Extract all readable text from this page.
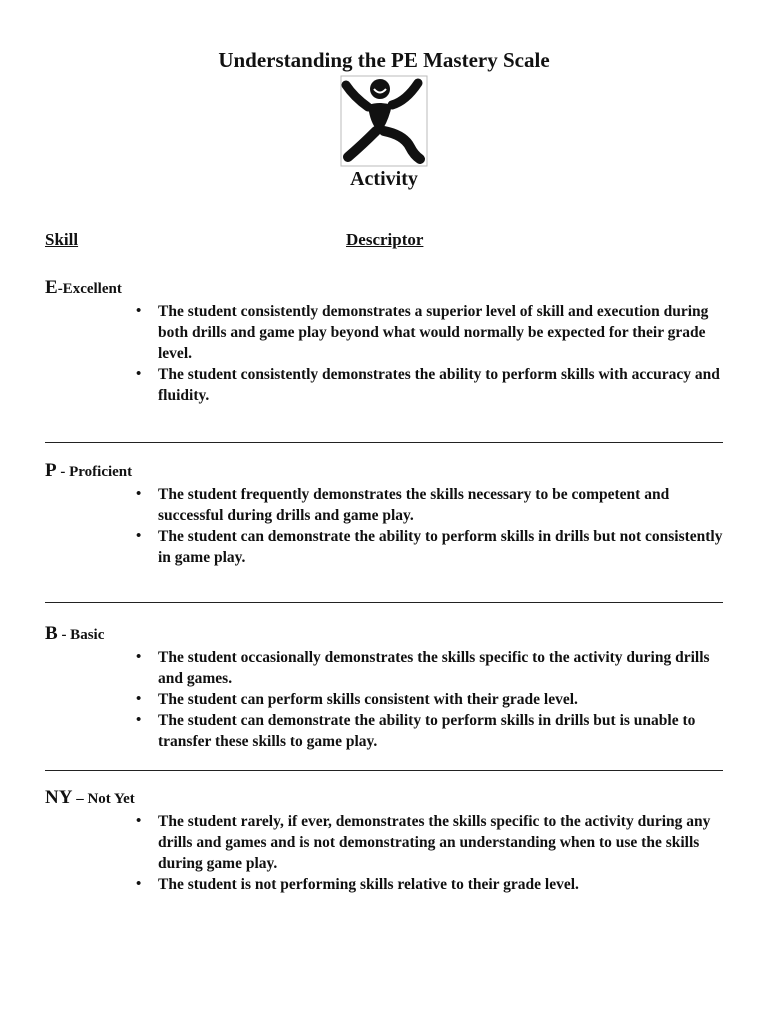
Understanding the PE Mastery Scale
Activity
Skill	Descriptor
E-Excellent
• The student consistently demonstrates a superior level of skill and execution during both drills and game play beyond what would normally be expected for their grade level.
• The student consistently demonstrates the ability to perform skills with accuracy and fluidity.
P - Proficient
• The student frequently demonstrates the skills necessary to be competent and successful during drills and game play.
• The student can demonstrate the ability to perform skills in drills but not consistently in game play.
B - Basic
• The student occasionally demonstrates the skills specific to the activity during drills and games.
• The student can perform skills consistent with their grade level.
• The student can demonstrate the ability to perform skills in drills but is unable to transfer these skills to game play.
NY – Not Yet
• The student rarely, if ever, demonstrates the skills specific to the activity during any drills and games and is not demonstrating an understanding when to use the skills during game play.
• The student is not performing skills relative to their grade level.
